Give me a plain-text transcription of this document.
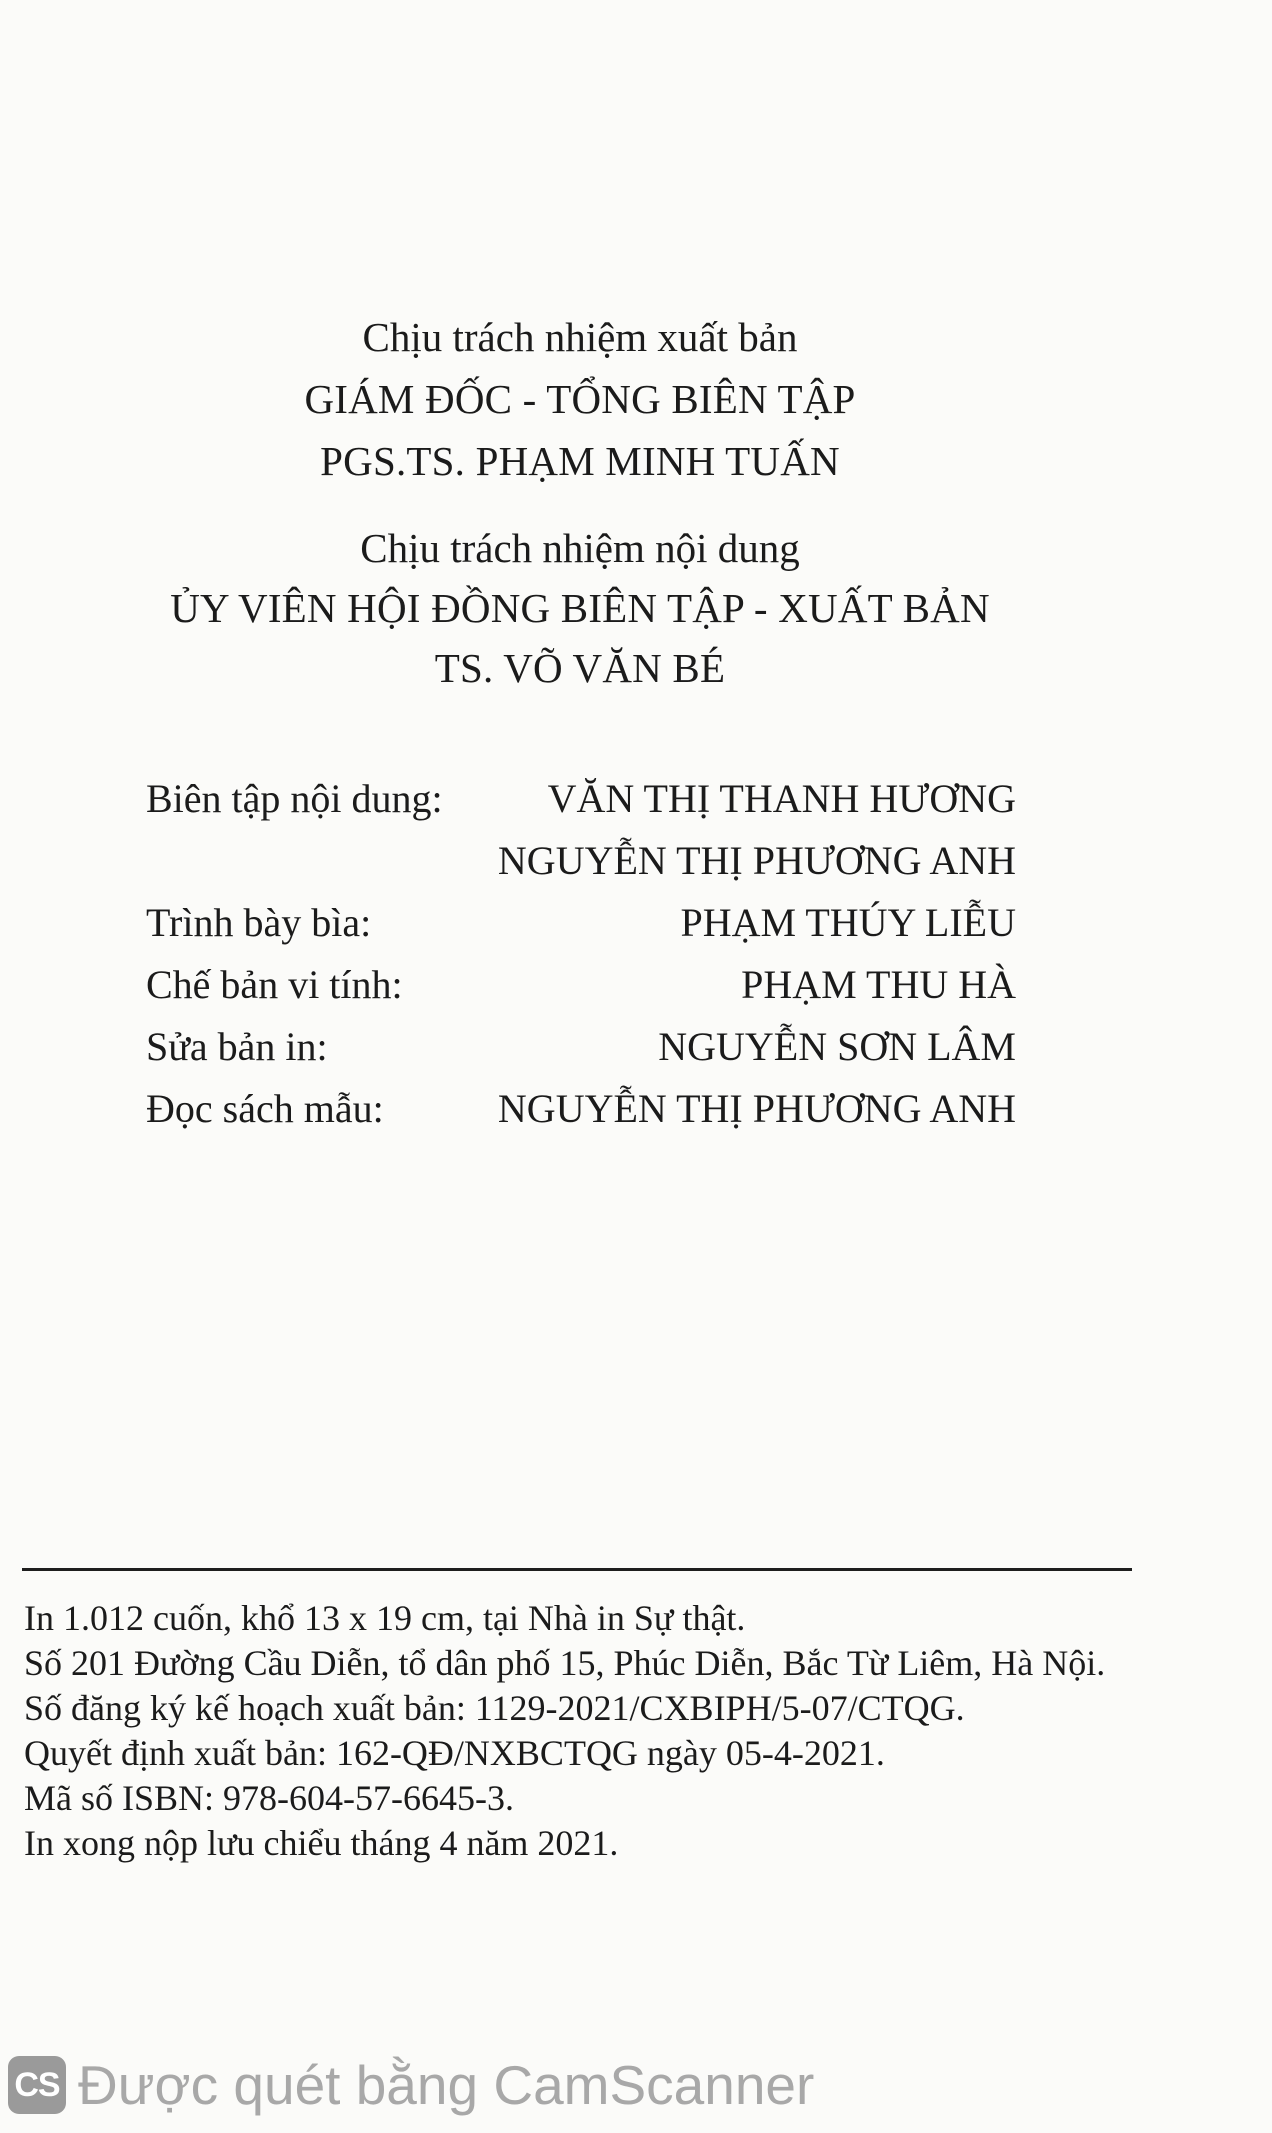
Chịu trách nhiệm xuất bản
GIÁM ĐỐC - TỔNG BIÊN TẬP
PGS.TS. PHẠM MINH TUẤN
Chịu trách nhiệm nội dung
ỦY VIÊN HỘI ĐỒNG BIÊN TẬP - XUẤT BẢN
TS. VÕ VĂN BÉ
Biên tập nội dung:	VĂN THỊ THANH HƯƠNG
NGUYỄN THỊ PHƯƠNG ANH
Trình bày bìa:	PHẠM THÚY LIỄU
Chế bản vi tính:	PHẠM THU HÀ
Sửa bản in:	NGUYỄN SƠN LÂM
Đọc sách mẫu:	NGUYỄN THỊ PHƯƠNG ANH
In 1.012 cuốn, khổ 13 x 19 cm, tại Nhà in Sự thật.
Số 201 Đường Cầu Diễn, tổ dân phố 15, Phúc Diễn, Bắc Từ Liêm, Hà Nội.
Số đăng ký kế hoạch xuất bản: 1129-2021/CXBIPH/5-07/CTQG.
Quyết định xuất bản: 162-QĐ/NXBCTQG ngày 05-4-2021.
Mã số ISBN: 978-604-57-6645-3.
In xong nộp lưu chiểu tháng 4 năm 2021.
CS Được quét bằng CamScanner
